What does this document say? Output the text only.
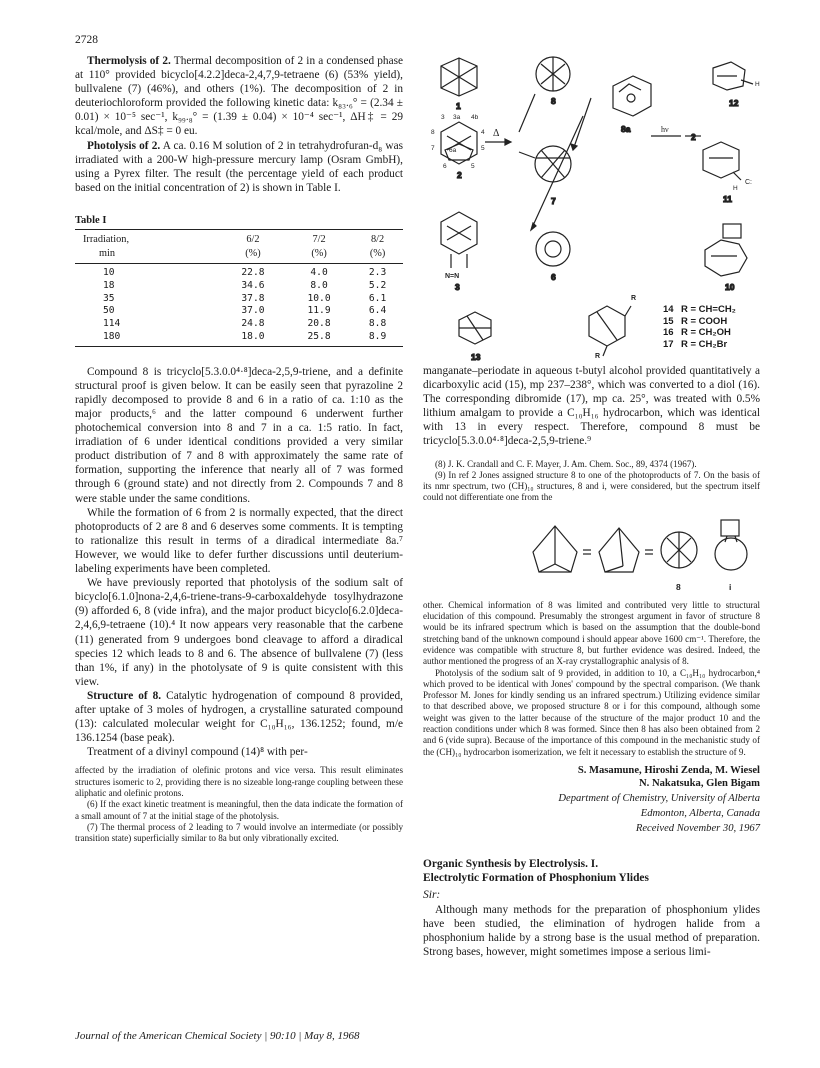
2728

Thermolysis of 2. Thermal decomposition of 2 in a condensed phase at 110° provided bicyclo[4.2.2]deca-2,4,7,9-tetraene (6) (53% yield), bullvalene (7) (46%), and others (1%). The decomposition of 2 in deuteriochloroform provided the following kinetic data: k₈₃.₆° = (2.34 ± 0.01) × 10⁻⁵ sec⁻¹, k₉₉.₈° = (1.39 ± 0.04) × 10⁻⁴ sec⁻¹, ΔH‡ = 29 kcal/mole, and ΔS‡ = 0 eu.

Photolysis of 2. A ca. 0.16 M solution of 2 in tetrahydrofuran-d₈ was irradiated with a 200-W high-pressure mercury lamp (Osram GmbH), using a Pyrex filter. The result (the percentage yield of each product based on the initial concentration of 2) is shown in Table I.

Table I
Irradiation,	6/2	7/2	8/2
min	(%)	(%)	(%)
10	22.8	4.0	2.3
18	34.6	8.0	5.2
35	37.8	10.0	6.1
50	37.0	11.9	6.4
114	24.8	20.8	8.8
180	18.0	25.8	8.9

Compound 8 is tricyclo[5.3.0.0⁴·⁸]deca-2,5,9-triene, and a definite structural proof is given below. It can be easily seen that pyrazoline 2 rapidly decomposed to provide 8 and 6 in a ratio of ca. 1:10 as the major products,⁶ and the latter compound 6 underwent further photochemical conversion into 8 and 7 in a ca. 1:5 ratio. In fact, irradiation of 6 under identical conditions provided a very similar product distribution of 7 and 8 with approximately the same rate of formation, supporting the inference that nearly all of 7 was formed through 6 (ground state) and not directly from 2. Compounds 7 and 8 were stable under the same conditions.

While the formation of 6 from 2 is normally expected, that the direct photoproducts of 2 are 8 and 6 deserves some comments. It is tempting to rationalize this result in terms of a diradical intermediate 8a.⁷ However, we would like to defer further discussions until deuterium-labeling experiments have been completed.

We have previously reported that photolysis of the sodium salt of bicyclo[6.1.0]nona-2,4,6-triene-trans-9-carboxaldehyde tosylhydrazone (9) afforded 6, 8 (vide infra), and the major product bicyclo[6.2.0]deca-2,4,6,9-tetraene (10).⁴ It now appears very reasonable that the carbene (11) generated from 9 undergoes bond cleavage to afford a diradical species 12 which leads to 8 and 6. The absence of bullvalene (7) (less than 1%, if any) in the photolysate of 9 is quite consistent with this view.

Structure of 8. Catalytic hydrogenation of compound 8 provided, after uptake of 3 moles of hydrogen, a crystalline saturated compound (13): calculated molecular weight for C₁₀H₁₆, 136.1252; found, m/e 136.1254 (base peak).

Treatment of a divinyl compound (14)⁸ with per-

affected by the irradiation of olefinic protons and vice versa. This result eliminates structures isomeric to 2, providing there is no sizeable long-range coupling between these aliphatic and olefinic protons.

(6) If the exact kinetic treatment is meaningful, then the data indicate the formation of a small amount of 7 at the initial stage of the photolysis.

(7) The thermal process of 2 leading to 7 would involve an intermediate (or possibly transition state) superficially similar to 8a but only vibrationally excited.

1
2
3 3a 4b
8	4
5
7 6a
6	5
Δ
N=N
3
8
7
6
8a	hν
2
H
12
H
C:
11
10
13
R
R
14 R = CH=CH₂
15 R = COOH
16 R = CH₂OH
17 R = CH₂Br

manganate–periodate in aqueous t-butyl alcohol provided quantitatively a dicarboxylic acid (15), mp 237–238°, which was converted to a diol (16). The corresponding dibromide (17), mp ca. 25°, was treated with 0.5% lithium amalgam to provide a C₁₀H₁₆ hydrocarbon, which was identical with 13 in every respect. Therefore, compound 8 must be tricyclo[5.3.0.0⁴·⁸]deca-2,5,9-triene.⁹

(8) J. K. Crandall and C. F. Mayer, J. Am. Chem. Soc., 89, 4374 (1967).

(9) In ref 2 Jones assigned structure 8 to one of the photoproducts of 7. On the basis of its nmr spectrum, two (CH)₁₀ structures, 8 and i, were considered, but the spectrum itself could not differentiate one from the

8	i

other. Chemical information of 8 was limited and contributed very little to structural elucidation of this compound. Presumably the strongest argument in favor of structure 8 would be its infrared spectrum which is based on the assumption that the double-bond stretching band of the unknown compound i should appear above 1600 cm⁻¹. Therefore, the evidence was compatible with structure 8, but further evidence was desired. Indeed, the author mentioned the progress of an X-ray crystallographic analysis of 8.

Photolysis of the sodium salt of 9 provided, in addition to 10, a C₁₀H₁₀ hydrocarbon,⁴ which proved to be identical with Jones' compound by the spectral comparison. (We thank Professor M. Jones for kindly sending us an infrared spectrum.) Utilizing evidence similar to that described above, we proposed structure 8 or i for this compound, although some weight was given to the latter because of the structure of the major product 10 and the reaction conditions under which 8 was formed. Since then 8 has also been obtained from 2 and 6 (vide supra). Because of the importance of this compound in the mechanistic study of the (CH)₁₀ hydrocarbon isomerization, we felt it necessary to establish the structure of 9.

S. Masamune, Hiroshi Zenda, M. Wiesel
N. Nakatsuka, Glen Bigam
Department of Chemistry, University of Alberta
Edmonton, Alberta, Canada
Received November 30, 1967
Organic Synthesis by Electrolysis. I.
Electrolytic Formation of Phosphonium Ylides
Sir:

Although many methods for the preparation of phosphonium ylides have been studied, the elimination of hydrogen halide from a phosphonium halide by a strong base is the usual method of preparation. Strong bases, however, might sometimes impose a serious limi-

Journal of the American Chemical Society | 90:10 | May 8, 1968
